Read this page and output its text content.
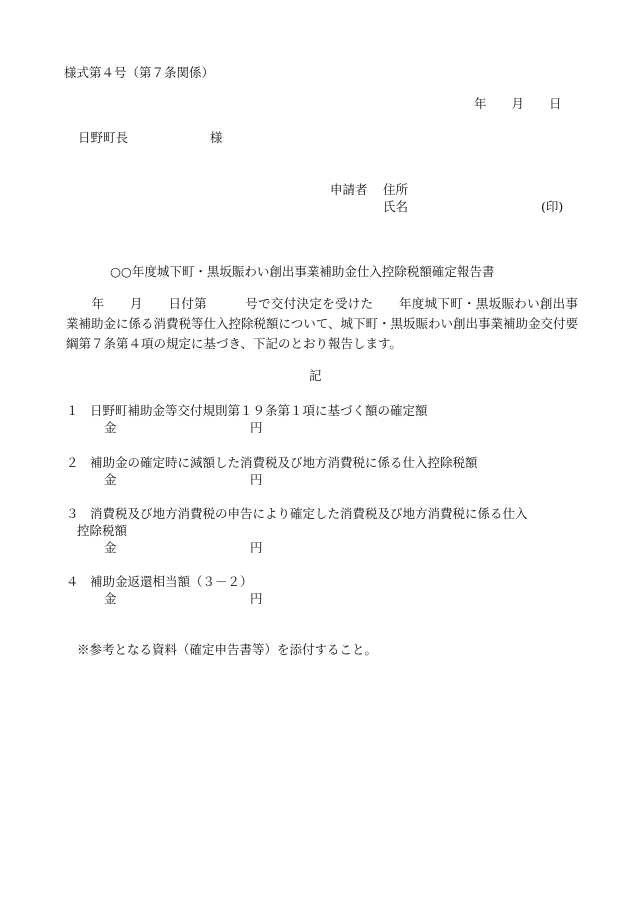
様式第４号（第７条関係）
年　　月　　日
日野町長	様
申請者 住所
氏名	(印)
○○年度城下町・黒坂賑わい創出事業補助金仕入控除税額確定報告書
　　年　　月　　日付第　　　号で交付決定を受けた　　年度城下町・黒坂賑わい創出事業補助金に係る消費税等仕入控除税額について、城下町・黒坂賑わい創出事業補助金交付要綱第７条第４項の規定に基づき、下記のとおり報告します。
記
１ 日野町補助金等交付規則第１９条第１項に基づく額の確定額
金	円
２ 補助金の確定時に減額した消費税及び地方消費税に係る仕入控除税額
金	円
３ 消費税及び地方消費税の申告により確定した消費税及び地方消費税に係る仕入
控除税額
金	円
４ 補助金返還相当額（３－２）
金	円
※参考となる資料（確定申告書等）を添付すること。
